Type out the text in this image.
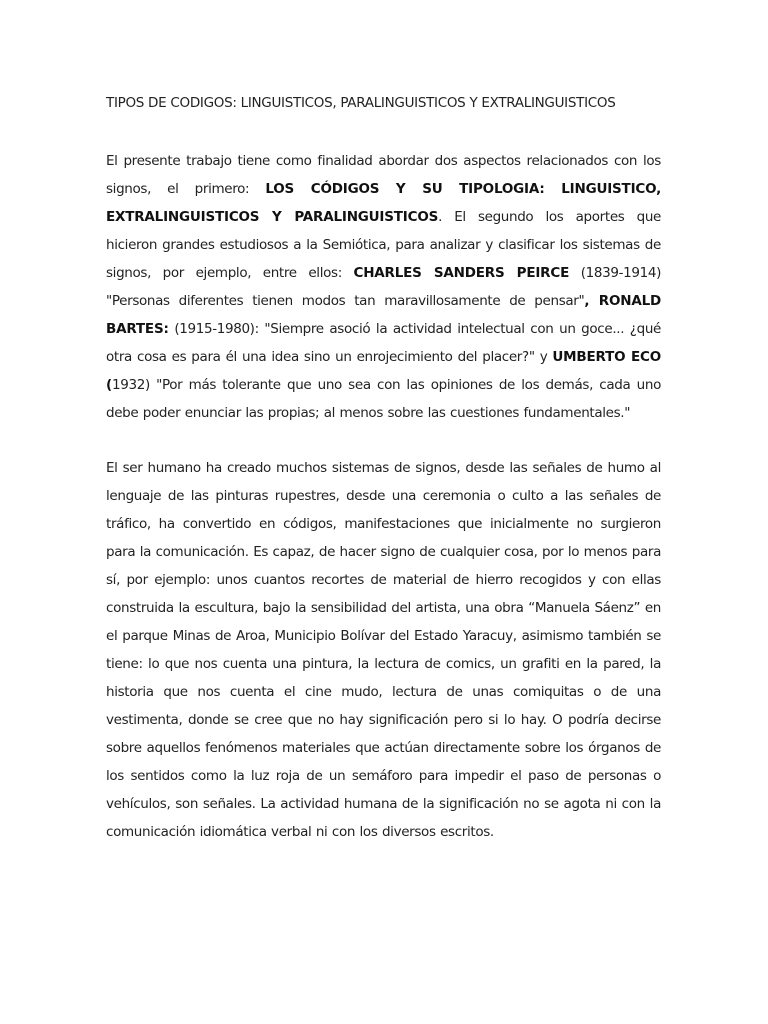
TIPOS DE CODIGOS: LINGUISTICOS, PARALINGUISTICOS Y EXTRALINGUISTICOS
El presente trabajo tiene como finalidad abordar dos aspectos relacionados con los signos, el primero: LOS CÓDIGOS Y SU TIPOLOGIA: LINGUISTICO, EXTRALINGUISTICOS Y PARALINGUISTICOS. El segundo los aportes que hicieron grandes estudiosos a la Semiótica, para analizar y clasificar los sistemas de signos, por ejemplo, entre ellos: CHARLES SANDERS PEIRCE (1839-1914) "Personas diferentes tienen modos tan maravillosamente de pensar", RONALD BARTES: (1915-1980): "Siempre asoció la actividad intelectual con un goce... ¿qué otra cosa es para él una idea sino un enrojecimiento del placer?" y UMBERTO ECO (1932) "Por más tolerante que uno sea con las opiniones de los demás, cada uno debe poder enunciar las propias; al menos sobre las cuestiones fundamentales."
El ser humano ha creado muchos sistemas de signos, desde las señales de humo al lenguaje de las pinturas rupestres, desde una ceremonia o culto a las señales de tráfico, ha convertido en códigos, manifestaciones que inicialmente no surgieron para la comunicación. Es capaz, de hacer signo de cualquier cosa, por lo menos para sí, por ejemplo: unos cuantos recortes de material de hierro recogidos y con ellas construida la escultura, bajo la sensibilidad del artista, una obra “Manuela Sáenz” en el parque Minas de Aroa, Municipio Bolívar del Estado Yaracuy, asimismo también se tiene: lo que nos cuenta una pintura, la lectura de comics, un grafiti en la pared, la historia que nos cuenta el cine mudo, lectura de unas comiquitas o de una vestimenta, donde se cree que no hay significación pero si lo hay. O podría decirse sobre aquellos fenómenos materiales que actúan directamente sobre los órganos de los sentidos como la luz roja de un semáforo para impedir el paso de personas o vehículos, son señales. La actividad humana de la significación no se agota ni con la comunicación idiomática verbal ni con los diversos escritos.
